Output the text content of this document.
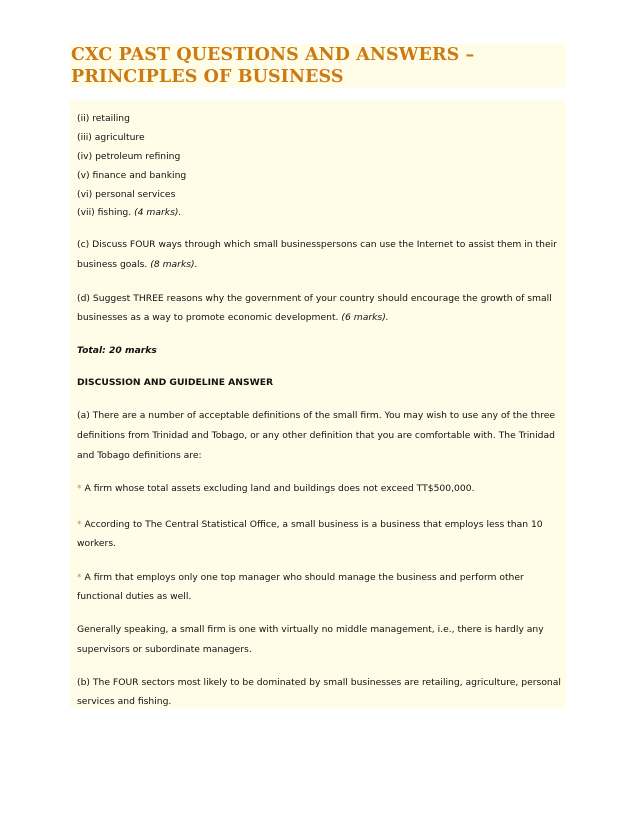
CXC PAST QUESTIONS AND ANSWERS –
PRINCIPLES OF BUSINESS

(ii) retailing

(iii) agriculture

(iv) petroleum refining

(v) finance and banking

(vi) personal services

(vii) fishing. (4 marks).

(c) Discuss FOUR ways through which small businesspersons can use the Internet to assist them in their

business goals. (8 marks).

(d) Suggest THREE reasons why the government of your country should encourage the growth of small

businesses as a way to promote economic development. (6 marks).

Total: 20 marks

DISCUSSION AND GUIDELINE ANSWER

(a) There are a number of acceptable definitions of the small firm. You may wish to use any of the three

definitions from Trinidad and Tobago, or any other definition that you are comfortable with. The Trinidad

and Tobago definitions are:

* A firm whose total assets excluding land and buildings does not exceed TT$500,000.

* According to The Central Statistical Office, a small business is a business that employs less than 10

workers.

* A firm that employs only one top manager who should manage the business and perform other

functional duties as well.

Generally speaking, a small firm is one with virtually no middle management, i.e., there is hardly any

supervisors or subordinate managers.

(b) The FOUR sectors most likely to be dominated by small businesses are retailing, agriculture, personal

services and fishing.
